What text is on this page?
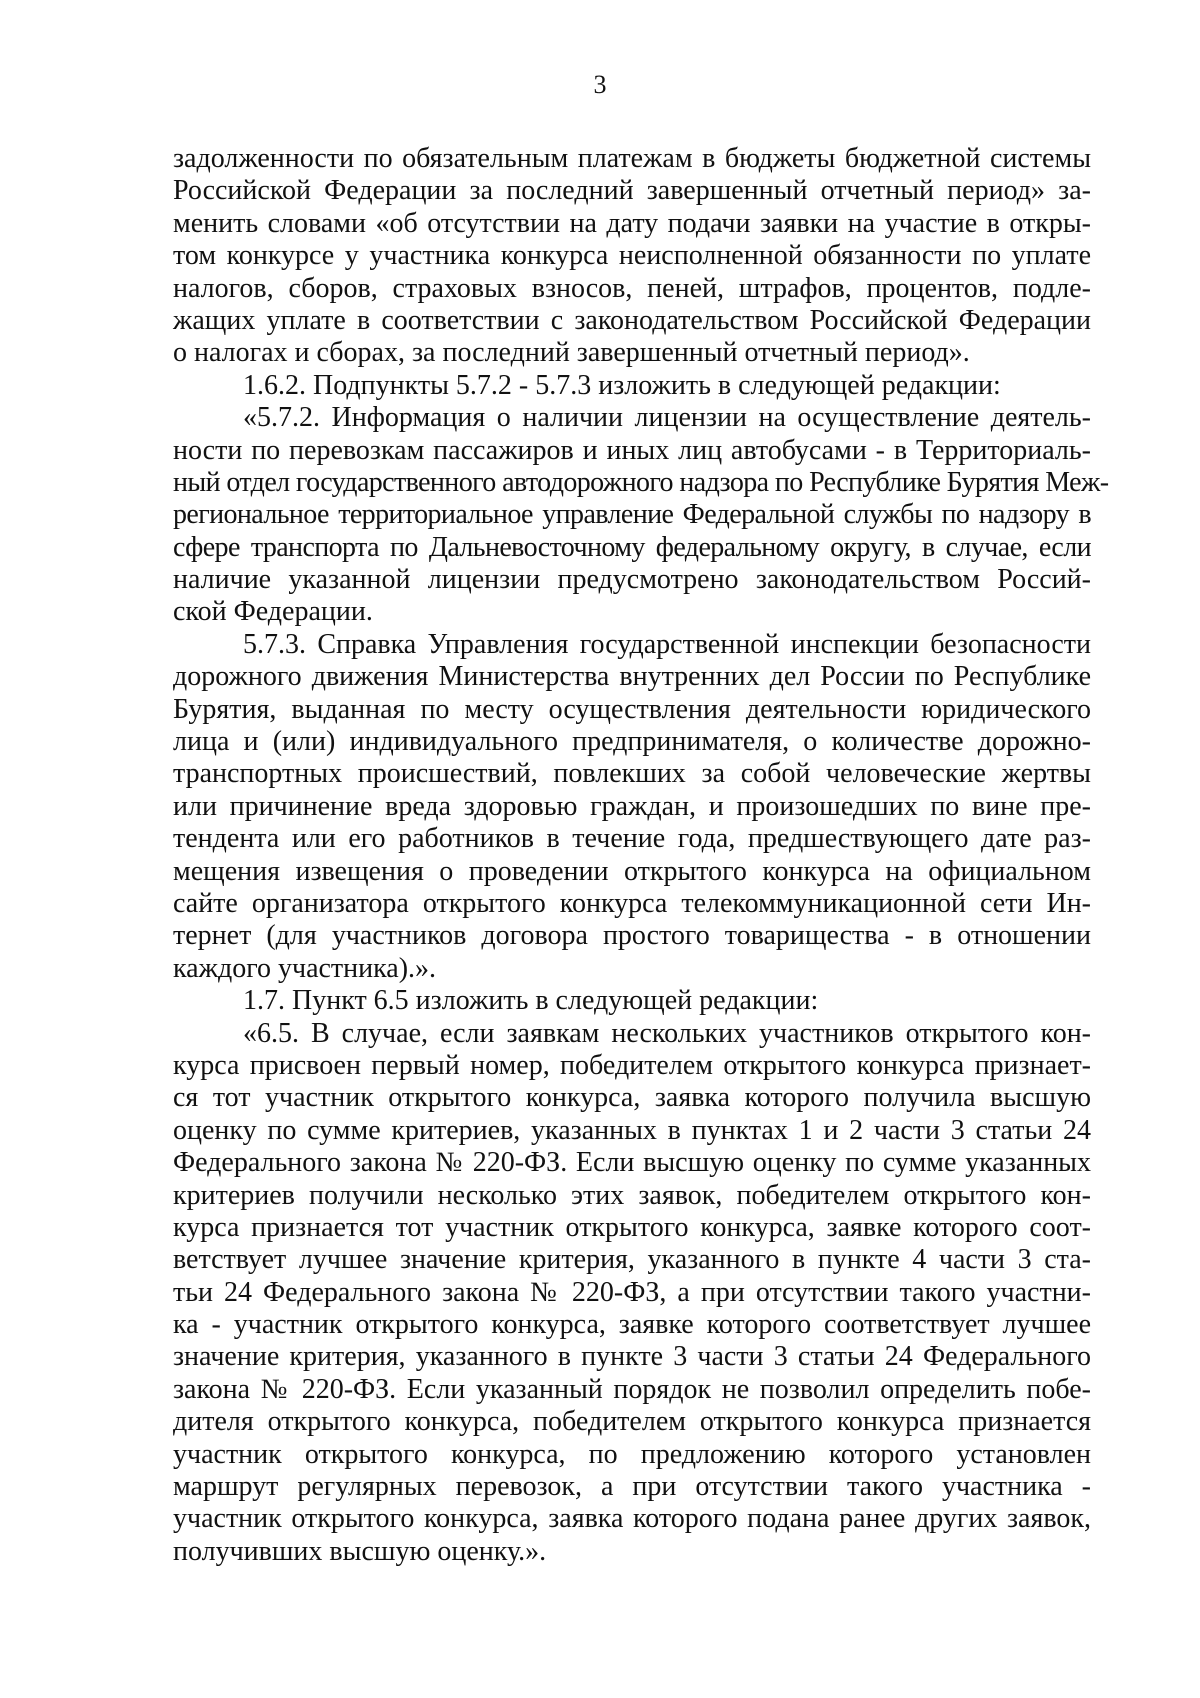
3
задолженности по обязательным платежам в бюджеты бюджетной системы
Российской Федерации за последний завершенный отчетный период» за-
менить словами «об отсутствии на дату подачи заявки на участие в откры-
том конкурсе у участника конкурса неисполненной обязанности по уплате
налогов, сборов, страховых взносов, пеней, штрафов, процентов, подле-
жащих уплате в соответствии с законодательством Российской Федерации
о налогах и сборах, за последний завершенный отчетный период».
1.6.2. Подпункты 5.7.2 - 5.7.3 изложить в следующей редакции:
«5.7.2. Информация о наличии лицензии на осуществление деятель-
ности по перевозкам пассажиров и иных лиц автобусами - в Территориаль-
ный отдел государственного автодорожного надзора по Республике Бурятия Меж-
региональное территориальное управление Федеральной службы по надзору в
сфере транспорта по Дальневосточному федеральному округу, в случае, если
наличие указанной лицензии предусмотрено законодательством Россий-
ской Федерации.
5.7.3. Справка Управления государственной инспекции безопасности
дорожного движения Министерства внутренних дел России по Республике
Бурятия, выданная по месту осуществления деятельности юридического
лица и (или) индивидуального предпринимателя, о количестве дорожно-
транспортных происшествий, повлекших за собой человеческие жертвы
или причинение вреда здоровью граждан, и произошедших по вине пре-
тендента или его работников в течение года, предшествующего дате раз-
мещения извещения о проведении открытого конкурса на официальном
сайте организатора открытого конкурса телекоммуникационной сети Ин-
тернет (для участников договора простого товарищества - в отношении
каждого участника).».
1.7. Пункт 6.5 изложить в следующей редакции:
«6.5. В случае, если заявкам нескольких участников открытого кон-
курса присвоен первый номер, победителем открытого конкурса признает-
ся тот участник открытого конкурса, заявка которого получила высшую
оценку по сумме критериев, указанных в пунктах 1 и 2 части 3 статьи 24
Федерального закона № 220-ФЗ. Если высшую оценку по сумме указанных
критериев получили несколько этих заявок, победителем открытого кон-
курса признается тот участник открытого конкурса, заявке которого соот-
ветствует лучшее значение критерия, указанного в пункте 4 части 3 ста-
тьи 24 Федерального закона № 220-ФЗ, а при отсутствии такого участни-
ка - участник открытого конкурса, заявке которого соответствует лучшее
значение критерия, указанного в пункте 3 части 3 статьи 24 Федерального
закона № 220-ФЗ. Если указанный порядок не позволил определить побе-
дителя открытого конкурса, победителем открытого конкурса признается
участник открытого конкурса, по предложению которого установлен
маршрут регулярных перевозок, а при отсутствии такого участника -
участник открытого конкурса, заявка которого подана ранее других заявок,
получивших высшую оценку.».
